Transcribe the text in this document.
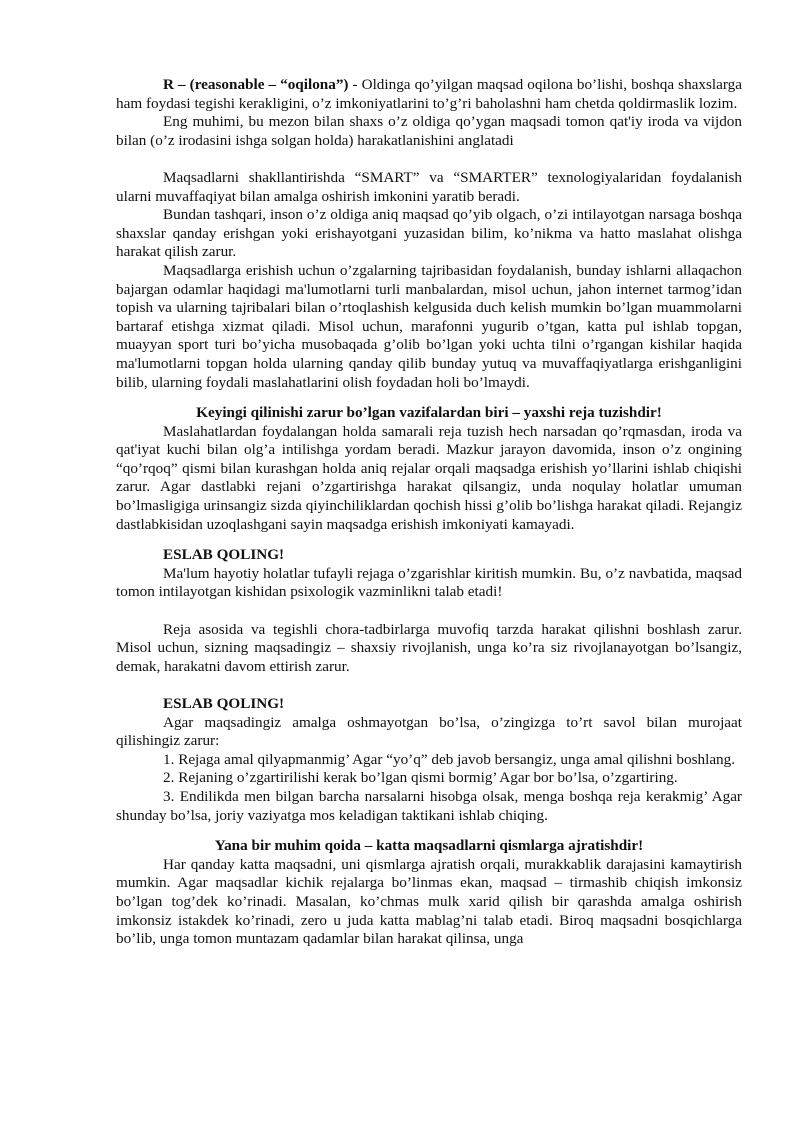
R – (reasonable – “oqilona”) - Oldinga qo’yilgan maqsad oqilona bo’lishi, boshqa shaxslarga ham foydasi tegishi kerakligini, o’z imkoniyatlarini to’g’ri baholashni ham chetda qoldirmaslik lozim.

Eng muhimi, bu mezon bilan shaxs o’z oldiga qo’ygan maqsadi tomon qat'iy iroda va vijdon bilan (o’z irodasini ishga solgan holda) harakatlanishini anglatadi

Maqsadlarni shakllantirishda “SMART” va “SMARTER” texnologiyalaridan foydalanish ularni muvaffaqiyat bilan amalga oshirish imkonini yaratib beradi.

Bundan tashqari, inson o’z oldiga aniq maqsad qo’yib olgach, o’zi intilayotgan narsaga boshqa shaxslar qanday erishgan yoki erishayotgani yuzasidan bilim, ko’nikma va hatto maslahat olishga harakat qilish zarur.

Maqsadlarga erishish uchun o’zgalarning tajribasidan foydalanish, bunday ishlarni allaqachon bajargan odamlar haqidagi ma'lumotlarni turli manbalardan, misol uchun, jahon internet tarmog’idan topish va ularning tajribalari bilan o’rtoqlashish kelgusida duch kelish mumkin bo’lgan muammolarni bartaraf etishga xizmat qiladi. Misol uchun, marafonni yugurib o’tgan, katta pul ishlab topgan, muayyan sport turi bo’yicha musobaqada g’olib bo’lgan yoki uchta tilni o’rgangan kishilar haqida ma'lumotlarni topgan holda ularning qanday qilib bunday yutuq va muvaffaqiyatlarga erishganligini bilib, ularning foydali maslahatlarini olish foydadan holi bo’lmaydi.

Keyingi qilinishi zarur bo’lgan vazifalardan biri – yaxshi reja tuzishdir!

Maslahatlardan foydalangan holda samarali reja tuzish hech narsadan qo’rqmasdan, iroda va qat'iyat kuchi bilan olg’a intilishga yordam beradi. Mazkur jarayon davomida, inson o’z ongining “qo’rqoq” qismi bilan kurashgan holda aniq rejalar orqali maqsadga erishish yo’llarini ishlab chiqishi zarur. Agar dastlabki rejani o’zgartirishga harakat qilsangiz, unda noqulay holatlar umuman bo’lmasligiga urinsangiz sizda qiyinchiliklardan qochish hissi g’olib bo’lishga harakat qiladi. Rejangiz dastlabkisidan uzoqlashgani sayin maqsadga erishish imkoniyati kamayadi.

ESLAB QOLING!

Ma'lum hayotiy holatlar tufayli rejaga o’zgarishlar kiritish mumkin. Bu, o’z navbatida, maqsad tomon intilayotgan kishidan psixologik vazminlikni talab etadi!

Reja asosida va tegishli chora-tadbirlarga muvofiq tarzda harakat qilishni boshlash zarur. Misol uchun, sizning maqsadingiz – shaxsiy rivojlanish, unga ko’ra siz rivojlanayotgan bo’lsangiz, demak, harakatni davom ettirish zarur.

ESLAB QOLING!

Agar maqsadingiz amalga oshmayotgan bo’lsa, o’zingizga to’rt savol bilan murojaat qilishingiz zarur:

1. Rejaga amal qilyapmanmig’ Agar “yo’q” deb javob bersangiz, unga amal qilishni boshlang.

2. Rejaning o’zgartirilishi kerak bo’lgan qismi bormig’ Agar bor bo’lsa, o’zgartiring.

3. Endilikda men bilgan barcha narsalarni hisobga olsak, menga boshqa reja kerakmig’ Agar shunday bo’lsa, joriy vaziyatga mos keladigan taktikani ishlab chiqing.

Yana bir muhim qoida – katta maqsadlarni qismlarga ajratishdir!

Har qanday katta maqsadni, uni qismlarga ajratish orqali, murakkablik darajasini kamaytirish mumkin. Agar maqsadlar kichik rejalarga bo’linmas ekan, maqsad – tirmashib chiqish imkonsiz bo’lgan tog’dek ko’rinadi. Masalan, ko’chmas mulk xarid qilish bir qarashda amalga oshirish imkonsiz istakdek ko’rinadi, zero u juda katta mablag’ni talab etadi. Biroq maqsadni bosqichlarga bo’lib, unga tomon muntazam qadamlar bilan harakat qilinsa, unga
